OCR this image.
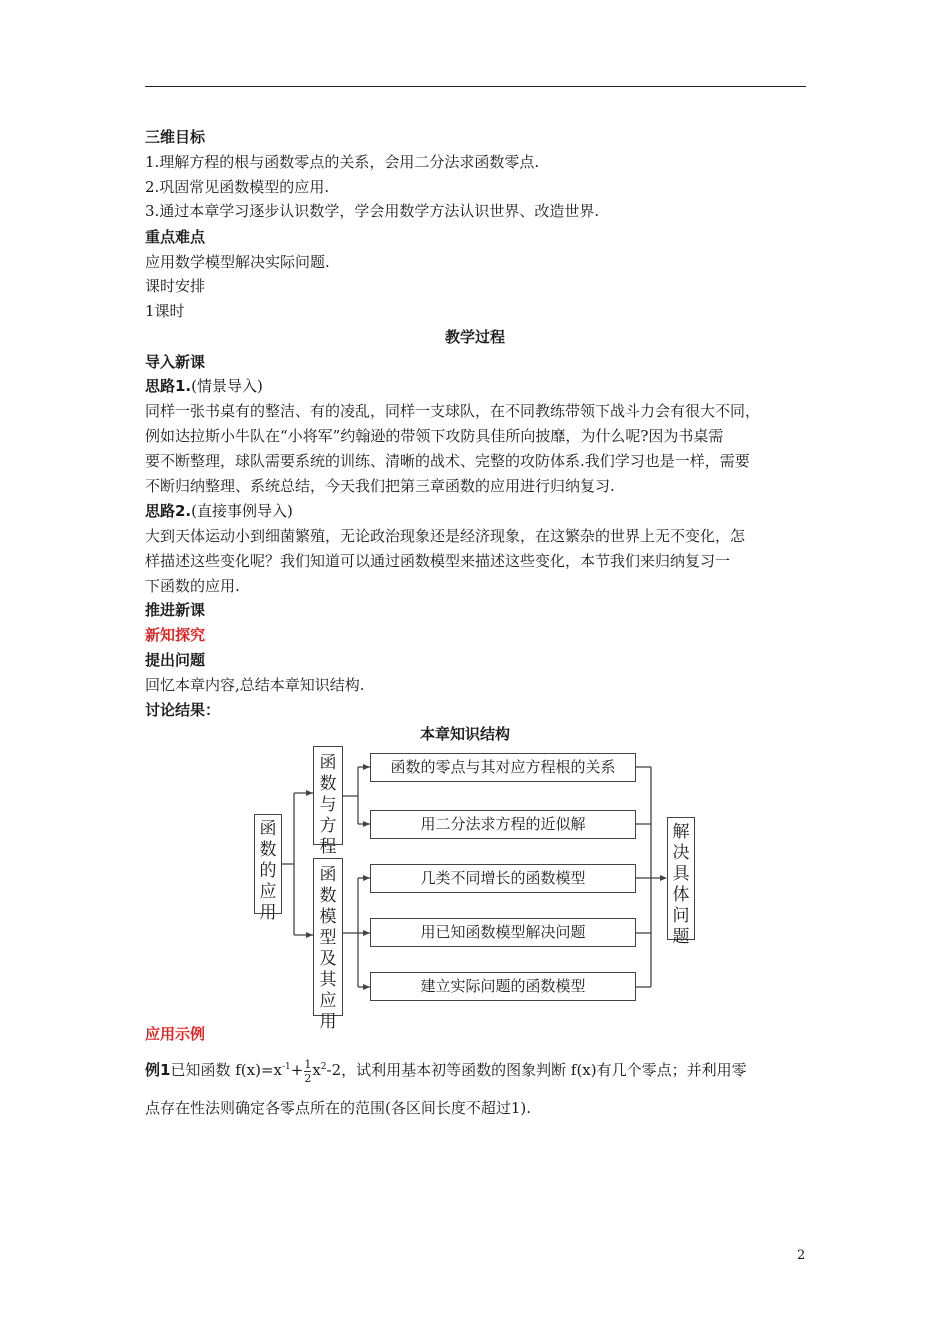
三维目标
1.理解方程的根与函数零点的关系，会用二分法求函数零点.
2.巩固常见函数模型的应用.
3.通过本章学习逐步认识数学，学会用数学方法认识世界、改造世界.
重点难点
应用数学模型解决实际问题.
课时安排
1课时
教学过程
导入新课
思路1.(情景导入)
同样一张书桌有的整洁、有的凌乱，同样一支球队，在不同教练带领下战斗力会有很大不同，
例如达拉斯小牛队在“小将军”约翰逊的带领下攻防具佳所向披靡，为什么呢?因为书桌需
要不断整理，球队需要系统的训练、清晰的战术、完整的攻防体系.我们学习也是一样，需要
不断归纳整理、系统总结，今天我们把第三章函数的应用进行归纳复习.
思路2.(直接事例导入)
大到天体运动小到细菌繁殖，无论政治现象还是经济现象，在这繁杂的世界上无不变化，怎
样描述这些变化呢？我们知道可以通过函数模型来描述这些变化，本节我们来归纳复习一
下函数的应用.
推进新课
新知探究
提出问题
回忆本章内容,总结本章知识结构.
讨论结果：
本章知识结构
函数的应用
函数与方程
函数模型及其应用
函数的零点与其对应方程根的关系
用二分法求方程的近似解
几类不同增长的函数模型
用已知函数模型解决问题
建立实际问题的函数模型
解决具体问题
应用示例
例1已知函数 $f(x)=x^{-1}+ \frac{1}{2} x^2-2$，试利用基本初等函数的图象判断 f(x)有几个零点；并利用零
点存在性法则确定各零点所在的范围(各区间长度不超过1).
2
